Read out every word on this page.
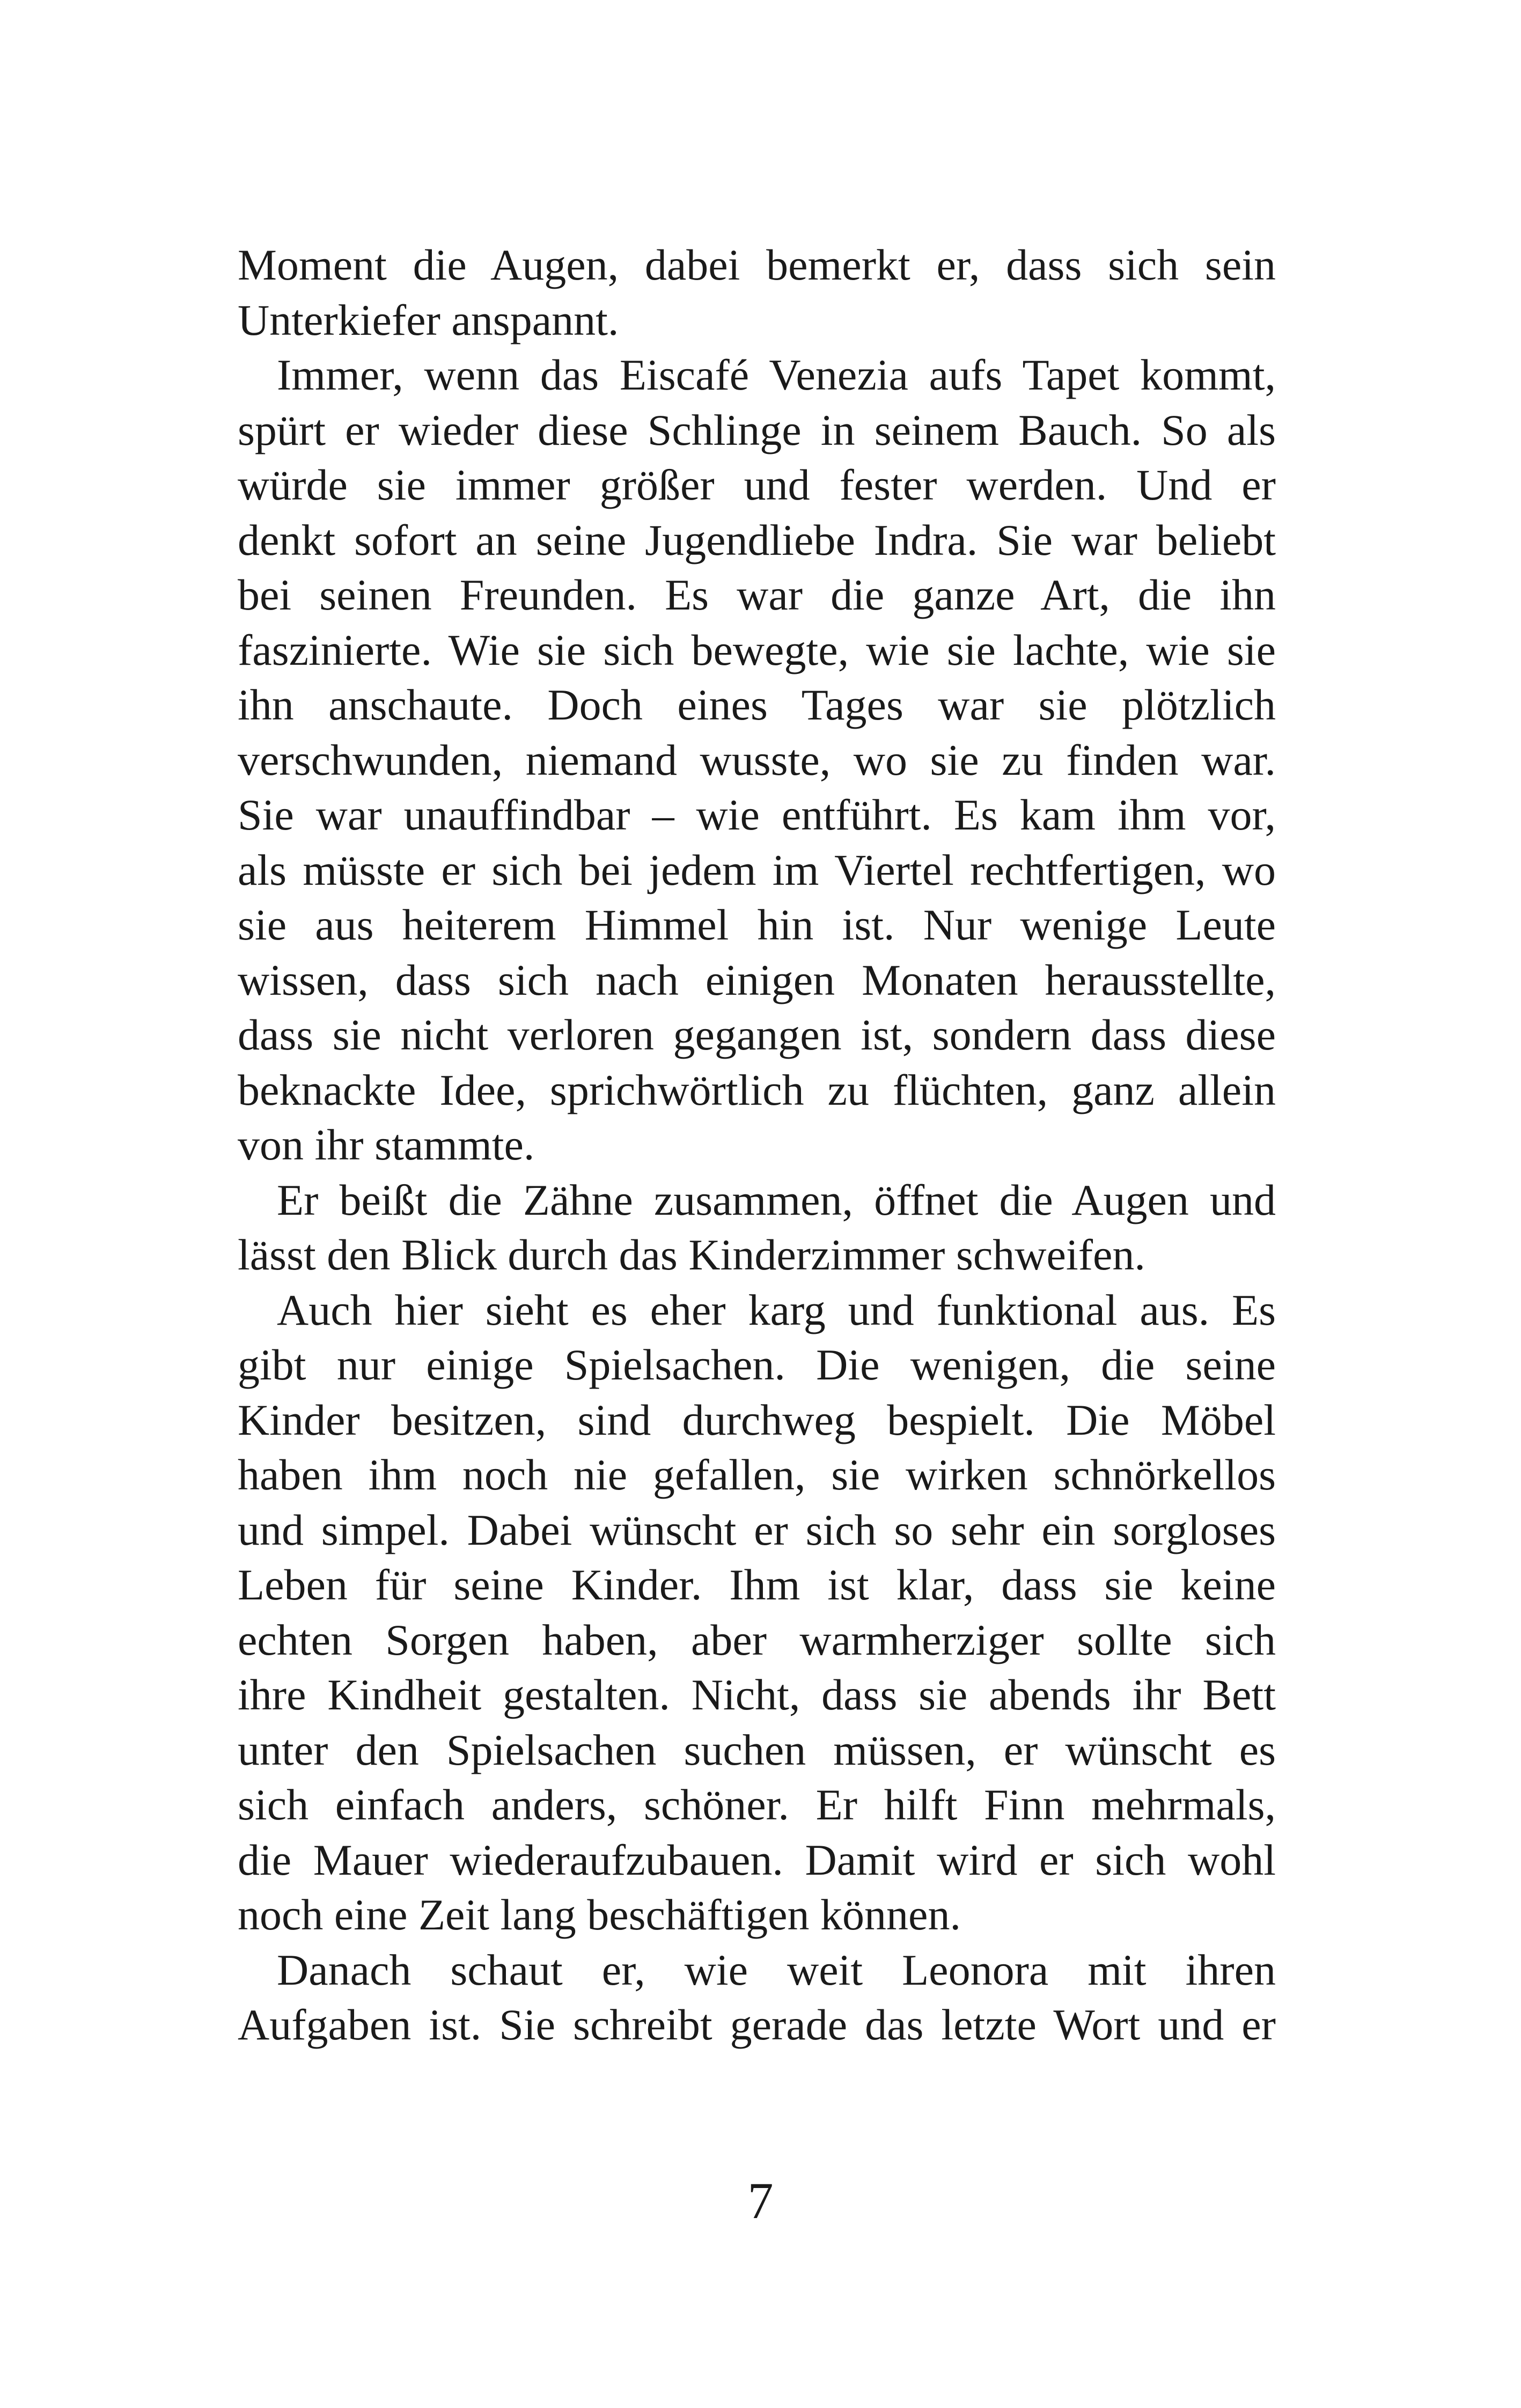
Moment die Augen, dabei bemerkt er, dass sich sein
Unterkiefer anspannt.
Immer, wenn das Eiscafé Venezia aufs Tapet kommt,
spürt er wieder diese Schlinge in seinem Bauch. So als
würde sie immer größer und fester werden. Und er
denkt sofort an seine Jugendliebe Indra. Sie war beliebt
bei seinen Freunden. Es war die ganze Art, die ihn
faszinierte. Wie sie sich bewegte, wie sie lachte, wie sie
ihn anschaute. Doch eines Tages war sie plötzlich
verschwunden, niemand wusste, wo sie zu finden war.
Sie war unauffindbar – wie entführt. Es kam ihm vor,
als müsste er sich bei jedem im Viertel rechtfertigen, wo
sie aus heiterem Himmel hin ist. Nur wenige Leute
wissen, dass sich nach einigen Monaten herausstellte,
dass sie nicht verloren gegangen ist, sondern dass diese
beknackte Idee, sprichwörtlich zu flüchten, ganz allein
von ihr stammte.
Er beißt die Zähne zusammen, öffnet die Augen und
lässt den Blick durch das Kinderzimmer schweifen.
Auch hier sieht es eher karg und funktional aus. Es
gibt nur einige Spielsachen. Die wenigen, die seine
Kinder besitzen, sind durchweg bespielt. Die Möbel
haben ihm noch nie gefallen, sie wirken schnörkellos
und simpel. Dabei wünscht er sich so sehr ein sorgloses
Leben für seine Kinder. Ihm ist klar, dass sie keine
echten Sorgen haben, aber warmherziger sollte sich
ihre Kindheit gestalten. Nicht, dass sie abends ihr Bett
unter den Spielsachen suchen müssen, er wünscht es
sich einfach anders, schöner. Er hilft Finn mehrmals,
die Mauer wiederaufzubauen. Damit wird er sich wohl
noch eine Zeit lang beschäftigen können.
Danach schaut er, wie weit Leonora mit ihren
Aufgaben ist. Sie schreibt gerade das letzte Wort und er
7
